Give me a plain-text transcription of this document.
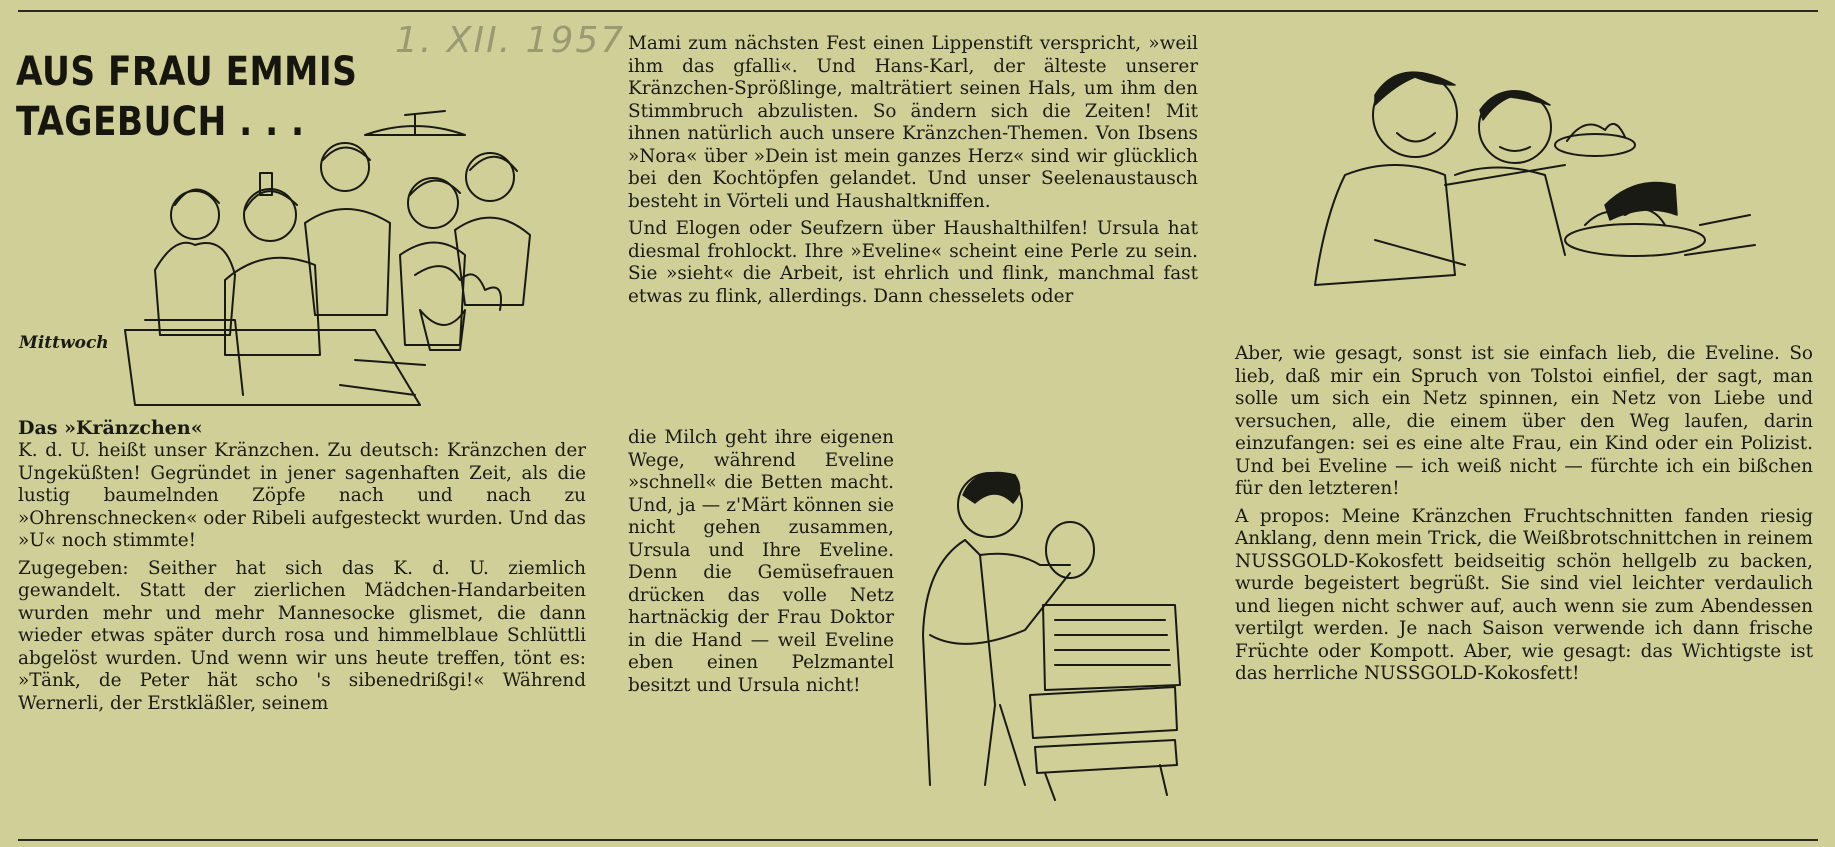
AUS FRAU EMMIS
TAGEBUCH . . .
1. XII. 1957
Mittwoch
Das »Kränzchen«

K. d. U. heißt unser Kränzchen. Zu deutsch: Kränzchen der Ungeküßten! Gegründet in jener sagenhaften Zeit, als die lustig baumelnden Zöpfe nach und nach zu »Ohrenschnecken« oder Ribeli aufgesteckt wurden. Und das »U« noch stimmte!

Zugegeben: Seither hat sich das K. d. U. ziemlich gewandelt. Statt der zierlichen Mädchen-Handarbeiten wurden mehr und mehr Mannesocke glismet, die dann wieder etwas später durch rosa und himmelblaue Schlüttli abgelöst wurden. Und wenn wir uns heute treffen, tönt es: »Tänk, de Peter hät scho 's sibenedrißgi!« Während Wernerli, der Erstkläßler, seinem

Mami zum nächsten Fest einen Lippenstift verspricht, »weil ihm das gfalli«. Und Hans-Karl, der älteste unserer Kränzchen-Sprößlinge, malträtiert seinen Hals, um ihm den Stimmbruch abzulisten. So ändern sich die Zeiten! Mit ihnen natürlich auch unsere Kränzchen-Themen. Von Ibsens »Nora« über »Dein ist mein ganzes Herz« sind wir glücklich bei den Kochtöpfen gelandet. Und unser Seelenaustausch besteht in Vörteli und Haushaltkniffen.

Und Elogen oder Seufzern über Haushalthilfen! Ursula hat diesmal frohlockt. Ihre »Eveline« scheint eine Perle zu sein. Sie »sieht« die Arbeit, ist ehrlich und flink, manchmal fast etwas zu flink, allerdings. Dann chesselets oder

die Milch geht ihre eigenen Wege, während Eveline »schnell« die Betten macht. Und, ja — z'Märt können sie nicht gehen zusammen, Ursula und Ihre Eveline. Denn die Gemüsefrauen drücken das volle Netz hartnäckig der Frau Doktor in die Hand — weil Eveline eben einen Pelzmantel besitzt und Ursula nicht!

Aber, wie gesagt, sonst ist sie einfach lieb, die Eveline. So lieb, daß mir ein Spruch von Tolstoi einfiel, der sagt, man solle um sich ein Netz spinnen, ein Netz von Liebe und versuchen, alle, die einem über den Weg laufen, darin einzufangen: sei es eine alte Frau, ein Kind oder ein Polizist. Und bei Eveline — ich weiß nicht — fürchte ich ein bißchen für den letzteren!

A propos: Meine Kränzchen Fruchtschnitten fanden riesig Anklang, denn mein Trick, die Weißbrotschnittchen in reinem NUSSGOLD-Kokosfett beidseitig schön hellgelb zu backen, wurde begeistert begrüßt. Sie sind viel leichter verdaulich und liegen nicht schwer auf, auch wenn sie zum Abendessen vertilgt werden. Je nach Saison verwende ich dann frische Früchte oder Kompott. Aber, wie gesagt: das Wichtigste ist das herrliche NUSSGOLD-Kokosfett!
